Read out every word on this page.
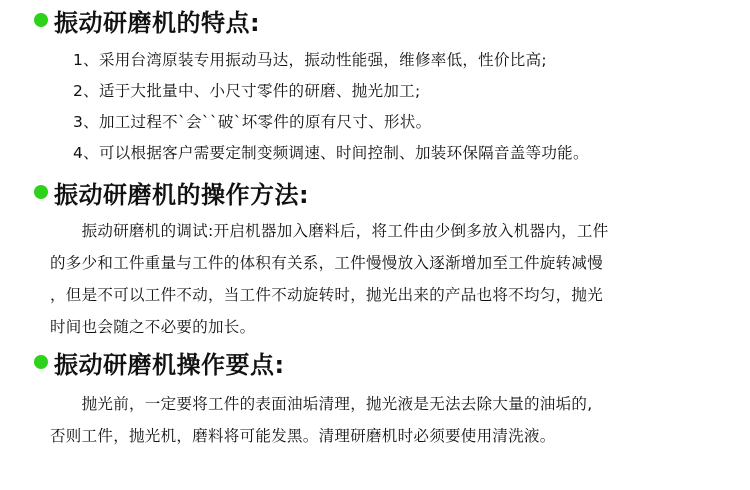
振动研磨机的特点:
1、采用台湾原装专用振动马达，振动性能强，维修率低，性价比高;
2、适于大批量中、小尺寸零件的研磨、抛光加工;
3、加工过程不`会``破`坏零件的原有尺寸、形状。
4、可以根据客户需要定制变频调速、时间控制、加装环保隔音盖等功能。
振动研磨机的操作方法:
　　振动研磨机的调试:开启机器加入磨料后，将工件由少倒多放入机器内，工件
的多少和工件重量与工件的体积有关系，工件慢慢放入逐渐增加至工件旋转减慢
，但是不可以工件不动，当工件不动旋转时，抛光出来的产品也将不均匀，抛光
时间也会随之不必要的加长。
振动研磨机操作要点:
　　抛光前，一定要将工件的表面油垢清理，抛光液是无法去除大量的油垢的,
否则工件，抛光机，磨料将可能发黑。清理研磨机时必须要使用清洗液。
